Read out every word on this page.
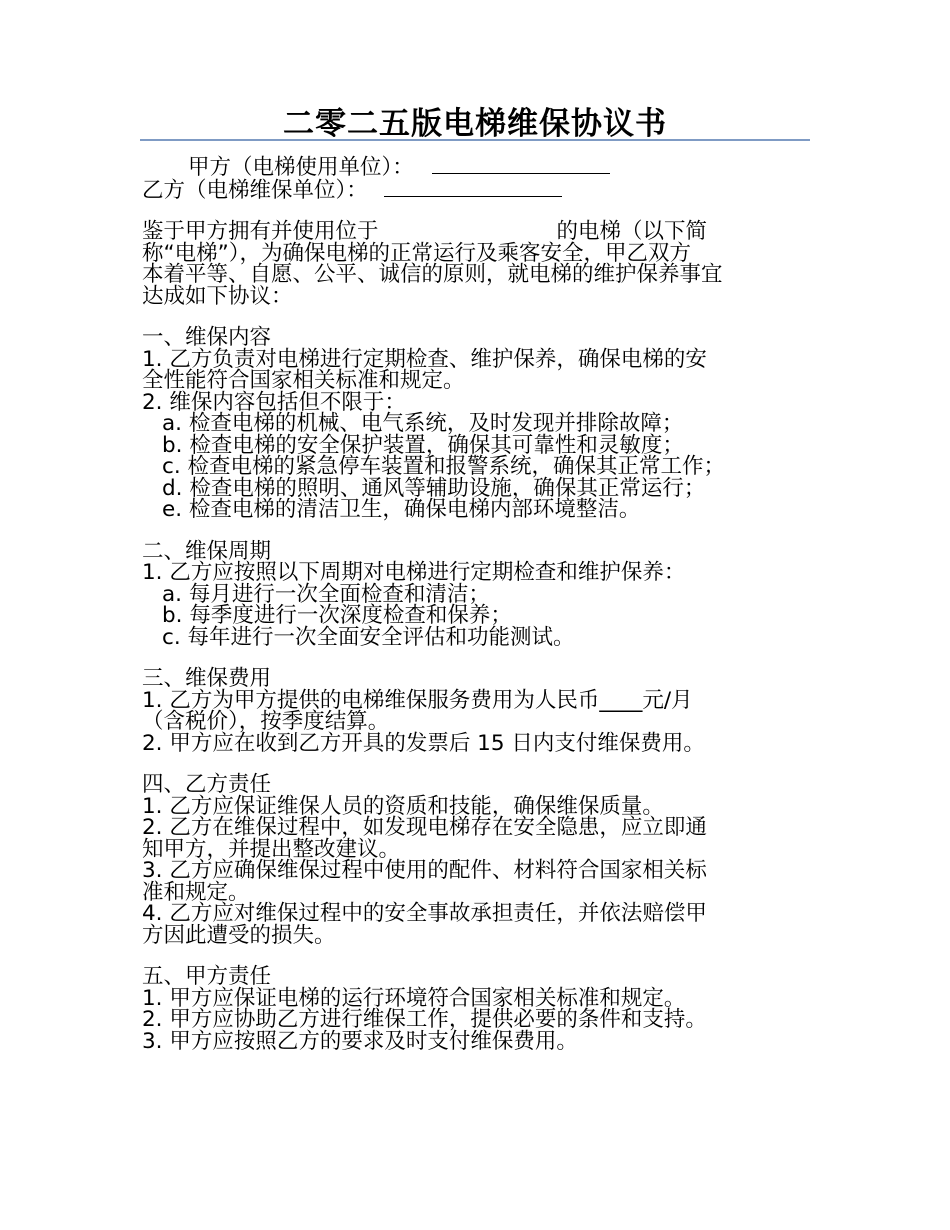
二零二五版电梯维保协议书

甲方（电梯使用单位）：

乙方（电梯维保单位）：

鉴于甲方拥有并使用位于	的电梯（以下简

称“电梯”），为确保电梯的正常运行及乘客安全，甲乙双方

本着平等、自愿、公平、诚信的原则，就电梯的维护保养事宜

达成如下协议：

一、维保内容

1. 乙方负责对电梯进行定期检查、维护保养，确保电梯的安

全性能符合国家相关标准和规定。

2. 维保内容包括但不限于：

a. 检查电梯的机械、电气系统，及时发现并排除故障；

b. 检查电梯的安全保护装置，确保其可靠性和灵敏度；

c. 检查电梯的紧急停车装置和报警系统，确保其正常工作；

d. 检查电梯的照明、通风等辅助设施，确保其正常运行；

e. 检查电梯的清洁卫生，确保电梯内部环境整洁。

二、维保周期

1. 乙方应按照以下周期对电梯进行定期检查和维护保养：

a. 每月进行一次全面检查和清洁；

b. 每季度进行一次深度检查和保养；

c. 每年进行一次全面安全评估和功能测试。

三、维保费用

1. 乙方为甲方提供的电梯维保服务费用为人民币____元/月

（含税价），按季度结算。

2. 甲方应在收到乙方开具的发票后 15 日内支付维保费用。

四、乙方责任

1. 乙方应保证维保人员的资质和技能，确保维保质量。

2. 乙方在维保过程中，如发现电梯存在安全隐患，应立即通

知甲方，并提出整改建议。

3. 乙方应确保维保过程中使用的配件、材料符合国家相关标

准和规定。

4. 乙方应对维保过程中的安全事故承担责任，并依法赔偿甲

方因此遭受的损失。

五、甲方责任

1. 甲方应保证电梯的运行环境符合国家相关标准和规定。

2. 甲方应协助乙方进行维保工作，提供必要的条件和支持。

3. 甲方应按照乙方的要求及时支付维保费用。
